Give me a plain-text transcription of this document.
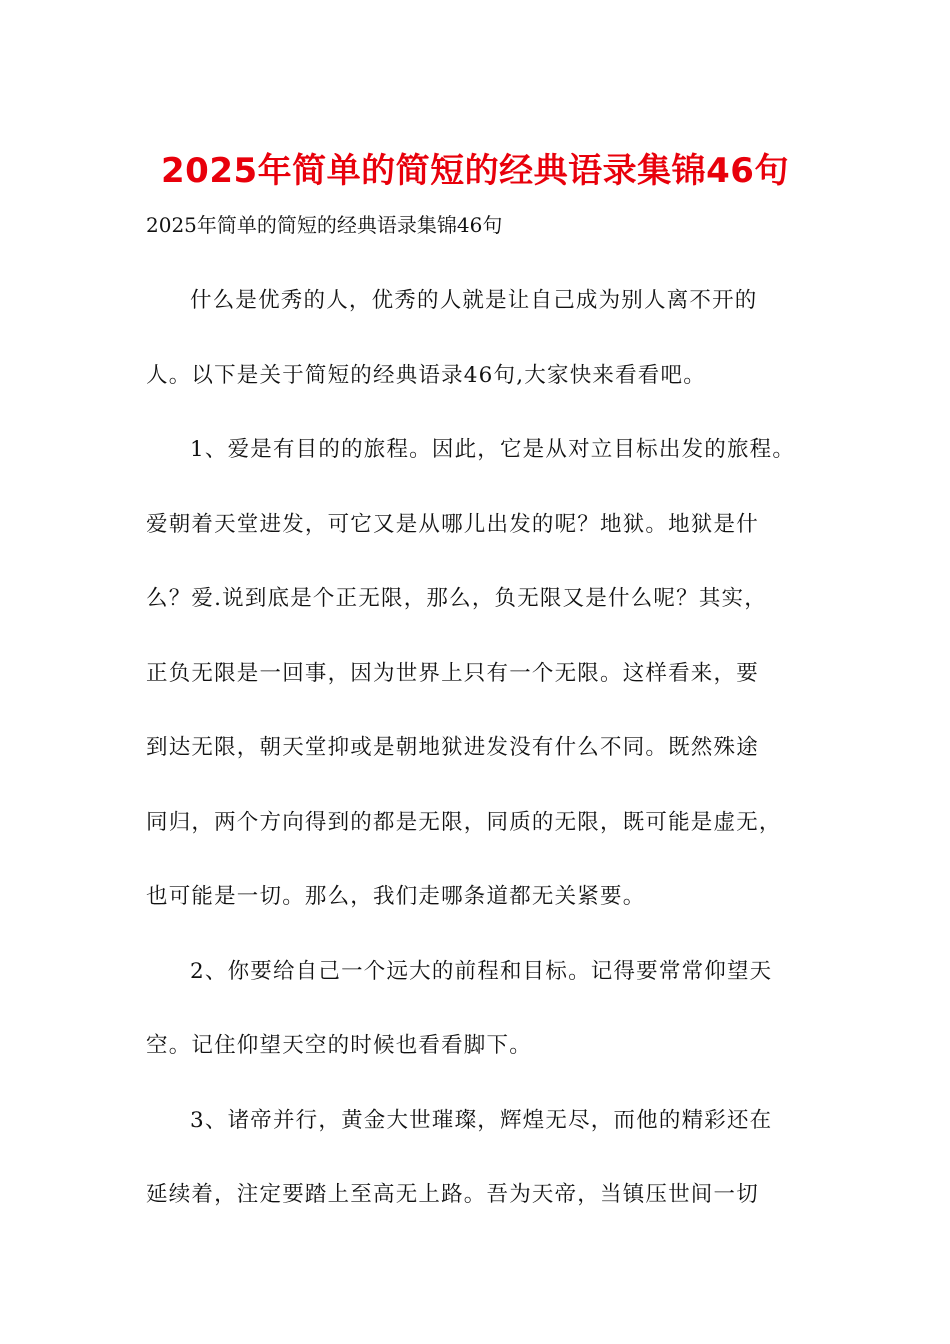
2025年简单的简短的经典语录集锦46句
2025年简单的简短的经典语录集锦46句
什么是优秀的人，优秀的人就是让自己成为别人离不开的
人。以下是关于简短的经典语录46句,大家快来看看吧。
1、爱是有目的的旅程。因此，它是从对立目标出发的旅程。
爱朝着天堂进发，可它又是从哪儿出发的呢？地狱。地狱是什
么？爱.说到底是个正无限，那么，负无限又是什么呢？其实，
正负无限是一回事，因为世界上只有一个无限。这样看来，要
到达无限，朝天堂抑或是朝地狱进发没有什么不同。既然殊途
同归，两个方向得到的都是无限，同质的无限，既可能是虚无，
也可能是一切。那么，我们走哪条道都无关紧要。
2、你要给自己一个远大的前程和目标。记得要常常仰望天
空。记住仰望天空的时候也看看脚下。
3、诸帝并行，黄金大世璀璨，辉煌无尽，而他的精彩还在
延续着，注定要踏上至高无上路。吾为天帝，当镇压世间一切
